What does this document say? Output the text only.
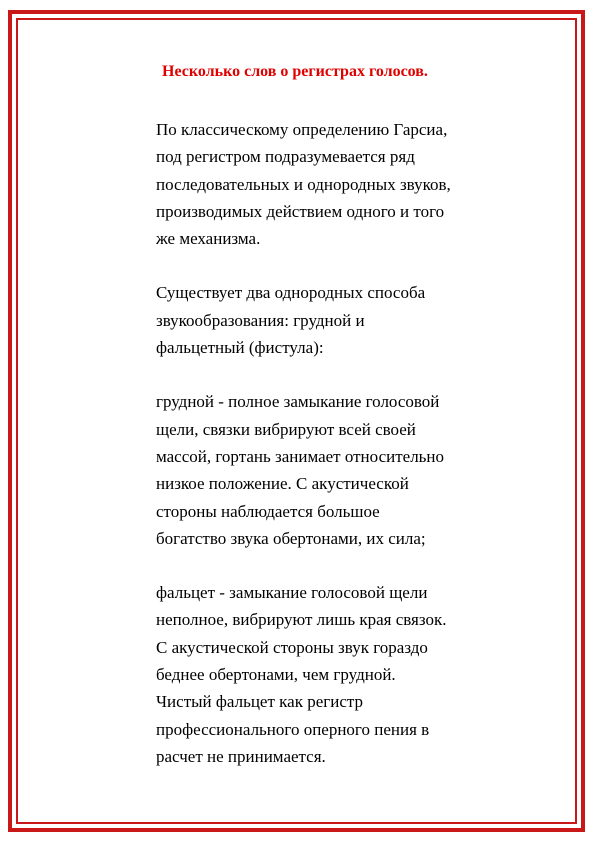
Несколько слов о регистрах голосов.
По классическому определению Гарсиа,
под регистром подразумевается ряд
последовательных и однородных звуков,
производимых действием одного и того
же механизма.
Существует два однородных способа
звукообразования: грудной и
фальцетный (фистула):
грудной - полное замыкание голосовой
щели, связки вибрируют всей своей
массой, гортань занимает относительно
низкое положение. С акустической
стороны наблюдается большое
богатство звука обертонами, их сила;
фальцет - замыкание голосовой щели
неполное, вибрируют лишь края связок.
С акустической стороны звук гораздо
беднее обертонами, чем грудной.
Чистый фальцет как регистр
профессионального оперного пения в
расчет не принимается.
